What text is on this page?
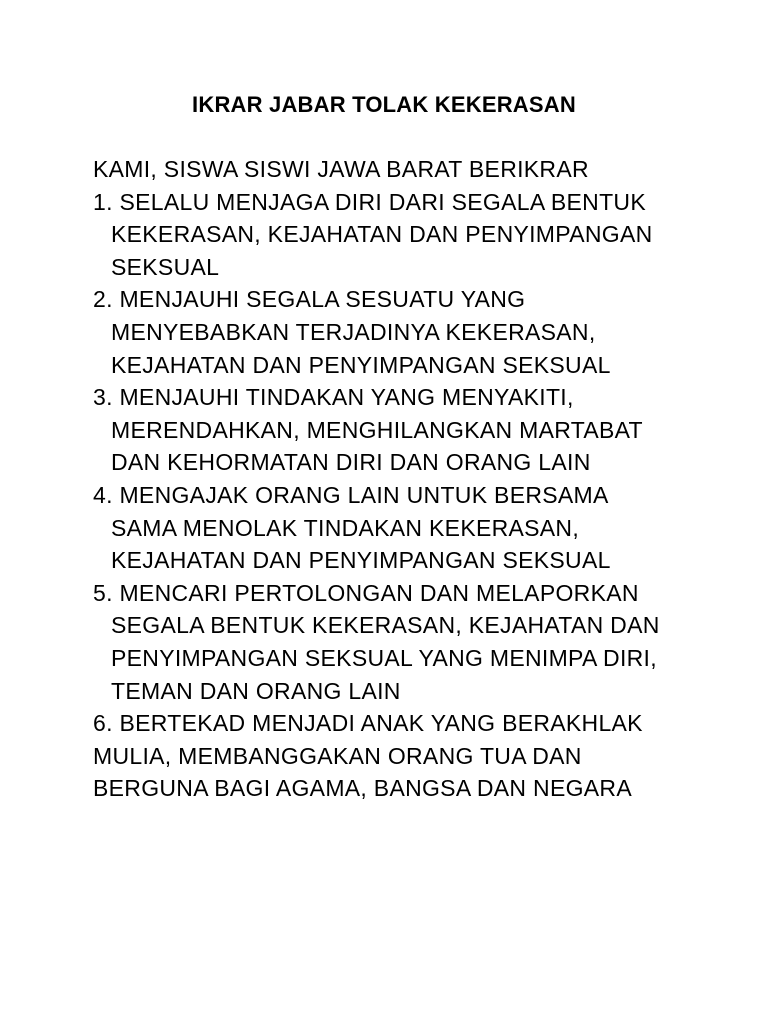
IKRAR JABAR TOLAK KEKERASAN

KAMI, SISWA SISWI JAWA BARAT BERIKRAR

1. SELALU MENJAGA DIRI DARI SEGALA BENTUK
KEKERASAN, KEJAHATAN DAN PENYIMPANGAN
SEKSUAL
2. MENJAUHI SEGALA SESUATU YANG
MENYEBABKAN TERJADINYA KEKERASAN,
KEJAHATAN DAN PENYIMPANGAN SEKSUAL
3. MENJAUHI TINDAKAN YANG MENYAKITI,
MERENDAHKAN, MENGHILANGKAN MARTABAT
DAN KEHORMATAN DIRI DAN ORANG LAIN
4. MENGAJAK ORANG LAIN UNTUK BERSAMA
SAMA MENOLAK TINDAKAN KEKERASAN,
KEJAHATAN DAN PENYIMPANGAN SEKSUAL
5. MENCARI PERTOLONGAN DAN MELAPORKAN
SEGALA BENTUK KEKERASAN, KEJAHATAN DAN
PENYIMPANGAN SEKSUAL YANG MENIMPA DIRI,
TEMAN DAN ORANG LAIN
6. BERTEKAD MENJADI ANAK YANG BERAKHLAK
MULIA, MEMBANGGAKAN ORANG TUA DAN
BERGUNA BAGI AGAMA, BANGSA DAN NEGARA
